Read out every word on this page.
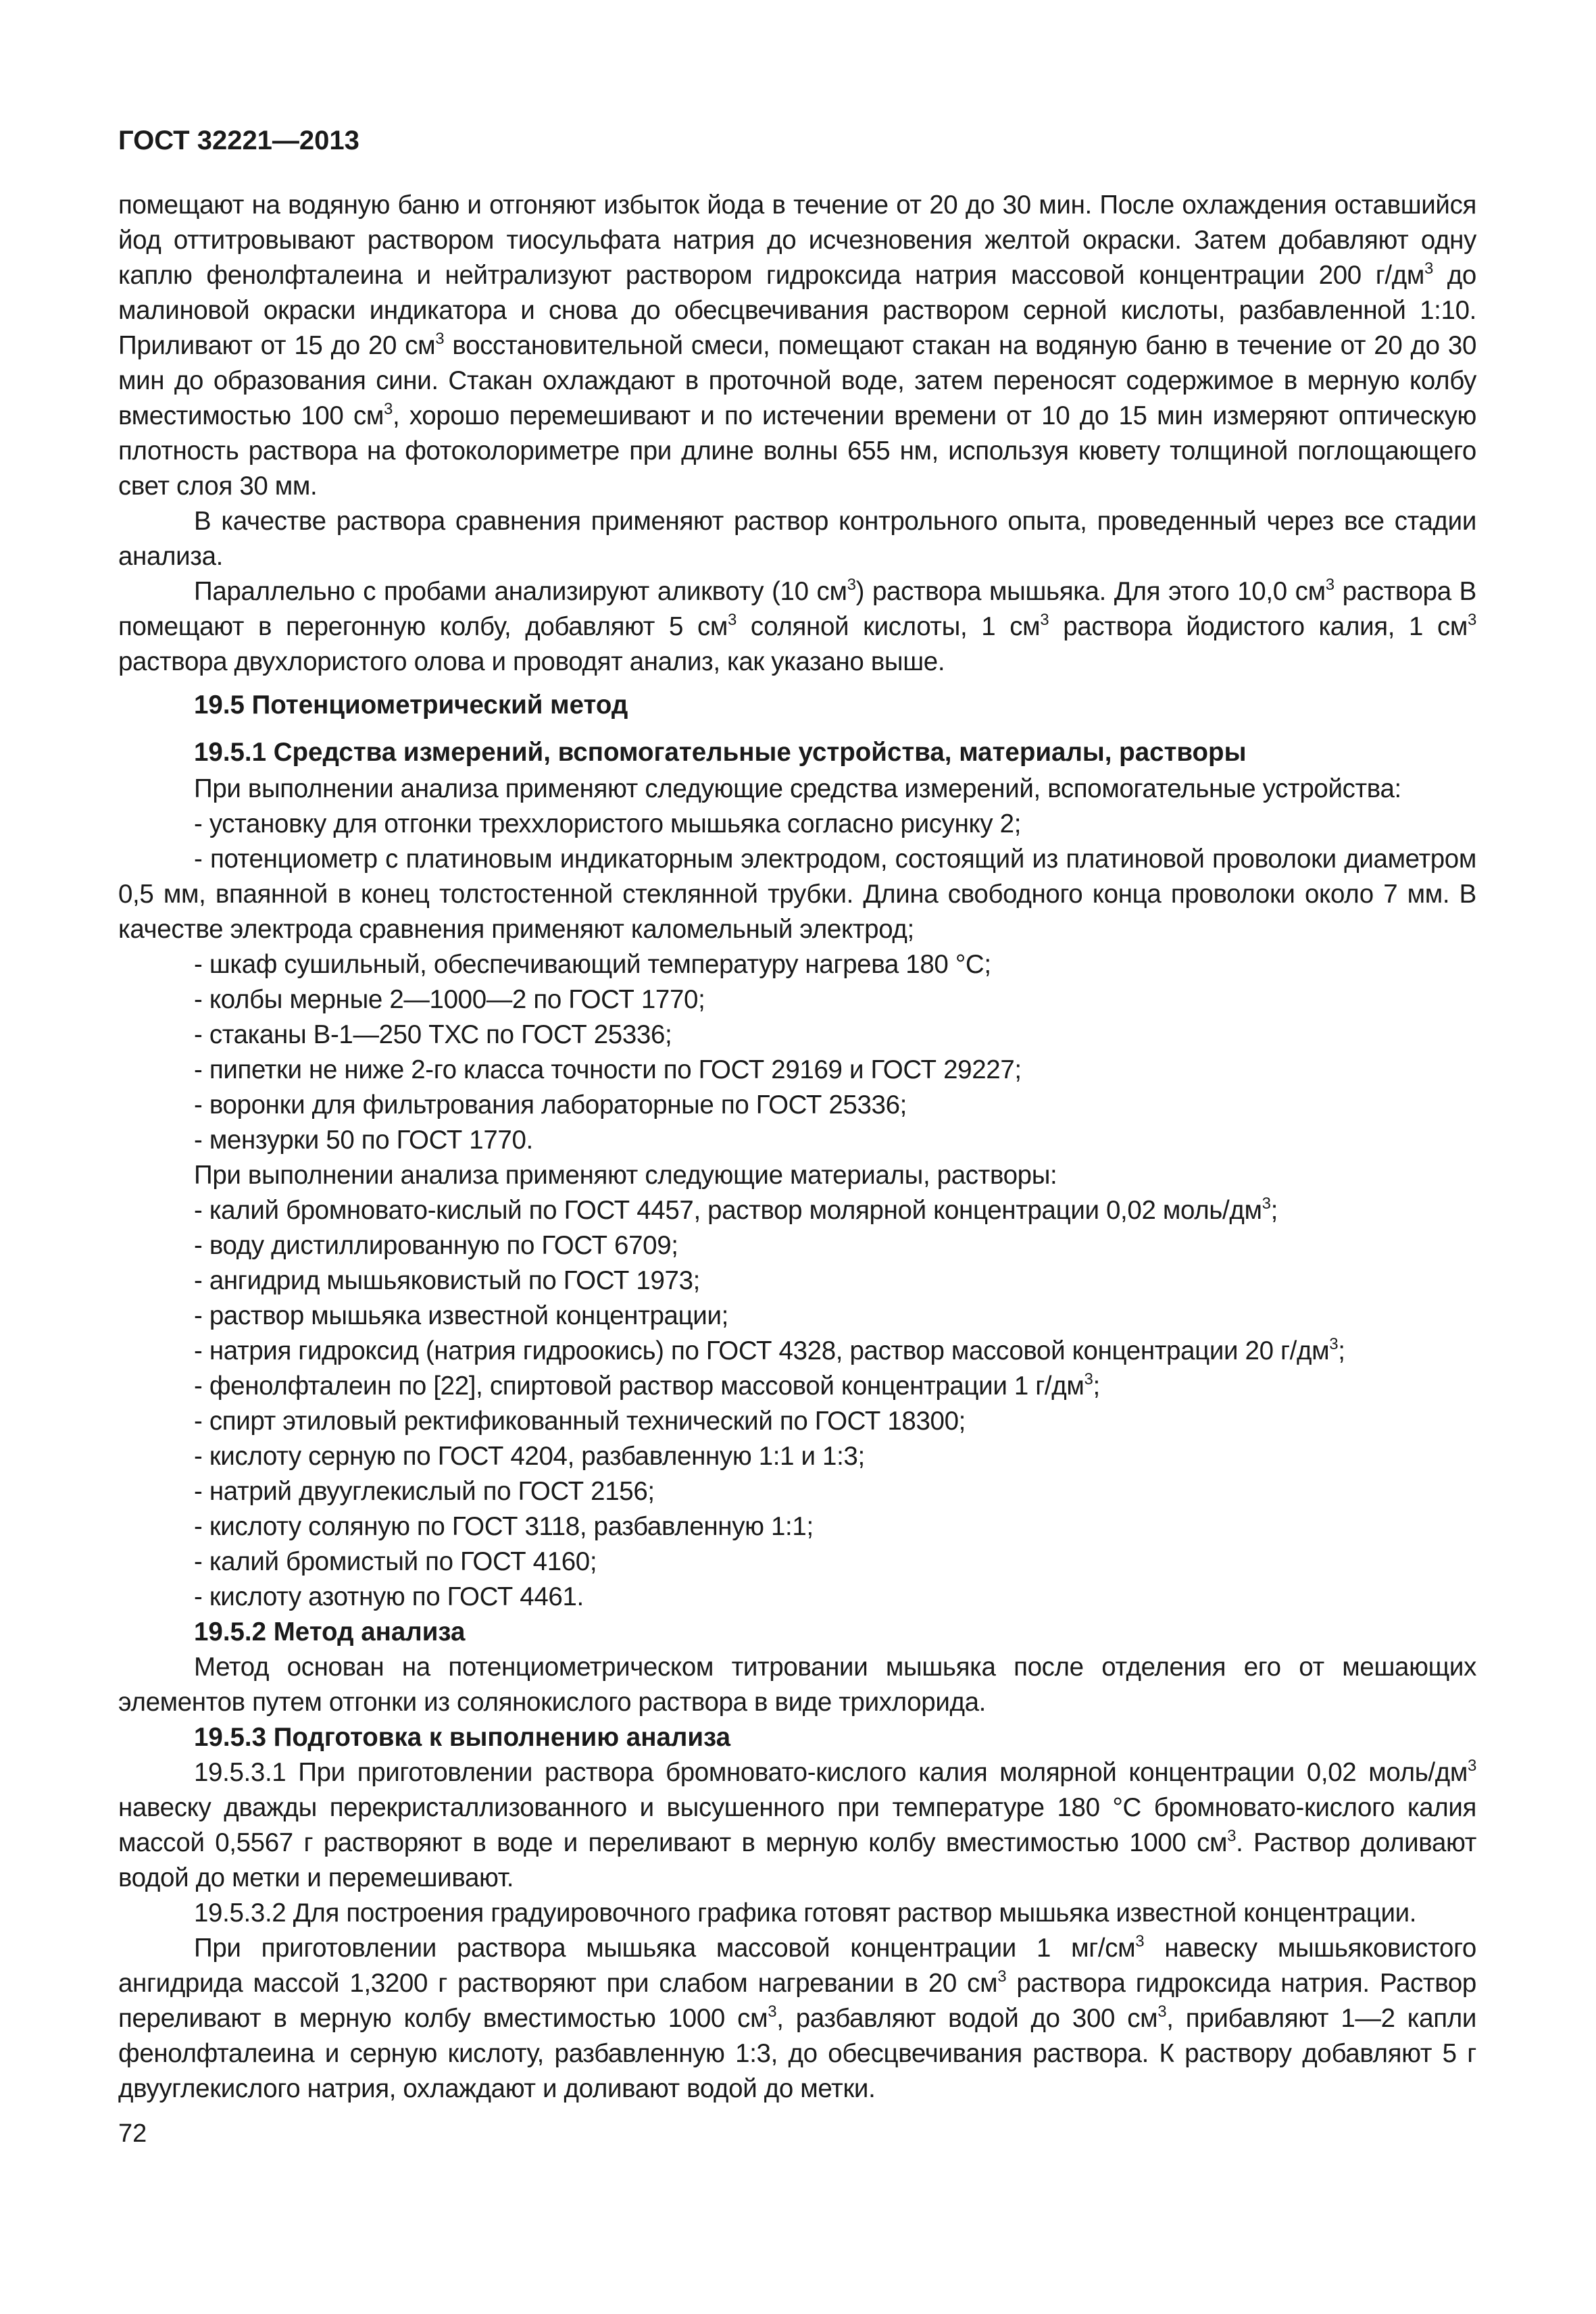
ГОСТ 32221—2013

помещают на водяную баню и отгоняют избыток йода в течение от 20 до 30 мин. После охлаждения оставшийся йод оттитровывают раствором тиосульфата натрия до исчезновения желтой окраски. Затем добавляют одну каплю фенолфталеина и нейтрализуют раствором гидроксида натрия массовой концентрации 200 $г/дм^3$ до малиновой окраски индикатора и снова до обесцвечивания раствором серной кислоты, разбавленной 1:10. Приливают от 15 до 20 $см^3$ восстановительной смеси, помещают стакан на водяную баню в течение от 20 до 30 мин до образования сини. Стакан охлаждают в проточной воде, затем переносят содержимое в мерную колбу вместимостью 100 $см^3$, хорошо перемешивают и по истечении времени от 10 до 15 мин измеряют оптическую плотность раствора на фотоколориметре при длине волны 655 нм, используя кювету толщиной поглощающего свет слоя 30 мм.

В качестве раствора сравнения применяют раствор контрольного опыта, проведенный через все стадии анализа.

Параллельно с пробами анализируют аликвоту (10 $см^3$) раствора мышьяка. Для этого 10,0 $см^3$ раствора В помещают в перегонную колбу, добавляют 5 $см^3$ соляной кислоты, 1 $см^3$ раствора йодистого калия, 1 $см^3$ раствора двухлористого олова и проводят анализ, как указано выше.

19.5 Потенциометрический метод
19.5.1 Средства измерений, вспомогательные устройства, материалы, растворы

При выполнении анализа применяют следующие средства измерений, вспомогательные устройства:

- установку для отгонки треххлористого мышьяка согласно рисунку 2;

- потенциометр с платиновым индикаторным электродом, состоящий из платиновой проволоки диаметром 0,5 мм, впаянной в конец толстостенной стеклянной трубки. Длина свободного конца проволоки около 7 мм. В качестве электрода сравнения применяют каломельный электрод;

- шкаф сушильный, обеспечивающий температуру нагрева 180 °С;

- колбы мерные 2—1000—2 по ГОСТ 1770;

- стаканы В-1—250 ТХС по ГОСТ 25336;

- пипетки не ниже 2-го класса точности по ГОСТ 29169 и ГОСТ 29227;

- воронки для фильтрования лабораторные по ГОСТ 25336;

- мензурки 50 по ГОСТ 1770.

При выполнении анализа применяют следующие материалы, растворы:

- калий бромновато-кислый по ГОСТ 4457, раствор молярной концентрации 0,02 моль/$дм^3$;

- воду дистиллированную по ГОСТ 6709;

- ангидрид мышьяковистый по ГОСТ 1973;

- раствор мышьяка известной концентрации;

- натрия гидроксид (натрия гидроокись) по ГОСТ 4328, раствор массовой концентрации 20 $г/дм^3$;

- фенолфталеин по [22], спиртовой раствор массовой концентрации 1 $г/дм^3$;

- спирт этиловый ректификованный технический по ГОСТ 18300;

- кислоту серную по ГОСТ 4204, разбавленную 1:1 и 1:3;

- натрий двууглекислый по ГОСТ 2156;

- кислоту соляную по ГОСТ 3118, разбавленную 1:1;

- калий бромистый по ГОСТ 4160;

- кислоту азотную по ГОСТ 4461.

19.5.2 Метод анализа

Метод основан на потенциометрическом титровании мышьяка после отделения его от мешающих элементов путем отгонки из солянокислого раствора в виде трихлорида.

19.5.3 Подготовка к выполнению анализа

19.5.3.1 При приготовлении раствора бромновато-кислого калия молярной концентрации 0,02 моль/$дм^3$ навеску дважды перекристаллизованного и высушенного при температуре 180 °С бромновато-кислого калия массой 0,5567 г растворяют в воде и переливают в мерную колбу вместимостью 1000 $см^3$. Раствор доливают водой до метки и перемешивают.

19.5.3.2 Для построения градуировочного графика готовят раствор мышьяка известной концентрации.

При приготовлении раствора мышьяка массовой концентрации 1 $мг/см^3$ навеску мышьяковистого ангидрида массой 1,3200 г растворяют при слабом нагревании в 20 $см^3$ раствора гидроксида натрия. Раствор переливают в мерную колбу вместимостью 1000 $см^3$, разбавляют водой до 300 $см^3$, прибавляют 1—2 капли фенолфталеина и серную кислоту, разбавленную 1:3, до обесцвечивания раствора. К раствору добавляют 5 г двууглекислого натрия, охлаждают и доливают водой до метки.

72
